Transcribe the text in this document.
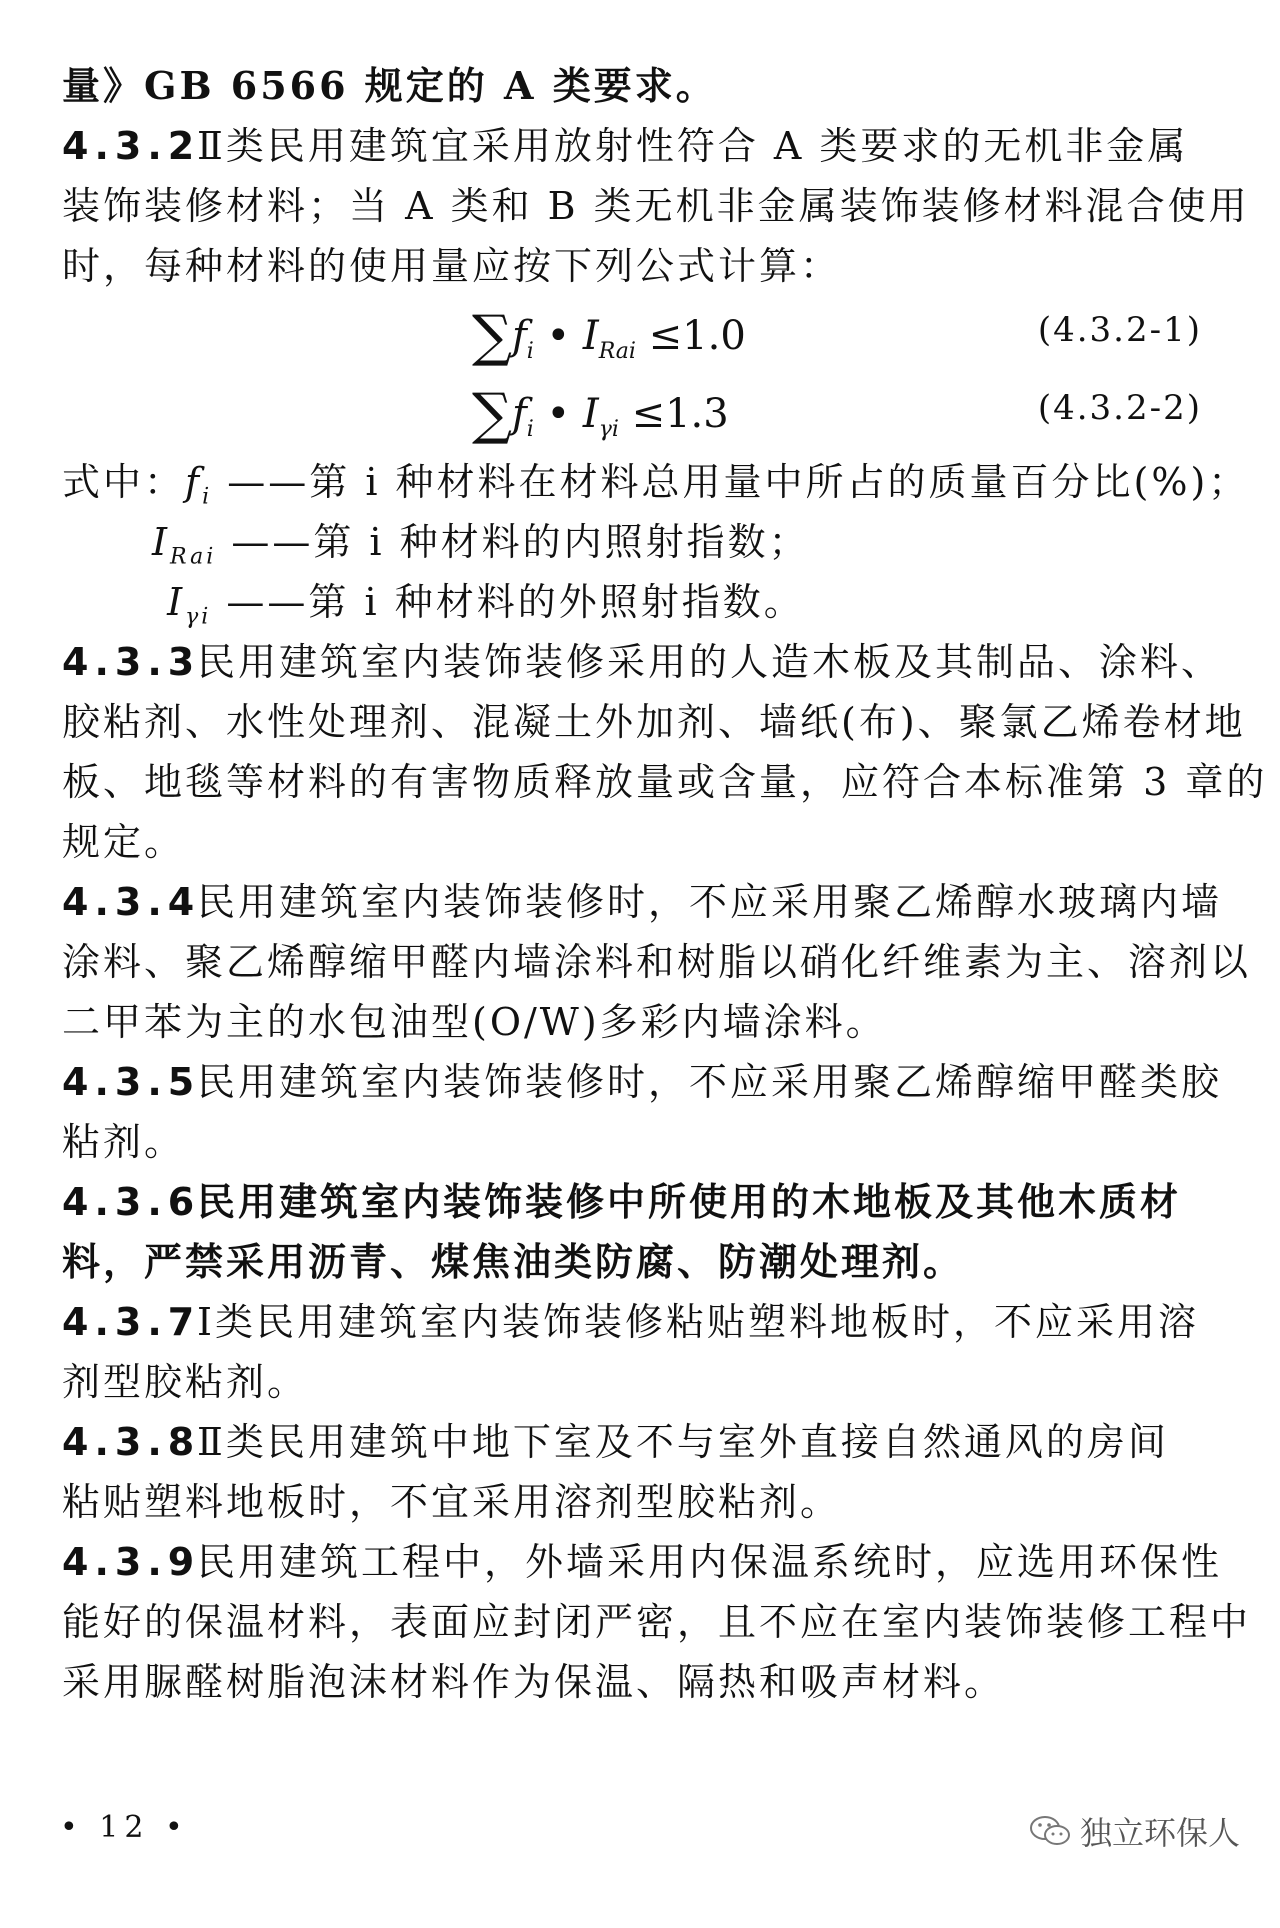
量》GB 6566 规定的 A 类要求。
4.3.2Ⅱ类民用建筑宜采用放射性符合 A 类要求的无机非金属
装饰装修材料；当 A 类和 B 类无机非金属装饰装修材料混合使用
时，每种材料的使用量应按下列公式计算：
$\sum f_i$ • $I_{Rai} \le 1.0$	(4.3.2-1)
$\sum f_i$ • $I_{\gamma i} \le 1.3$	(4.3.2-2)
式中：$f_i$ ——第 i 种材料在材料总用量中所占的质量百分比(%)；
$I_{Rai}$ ——第 i 种材料的内照射指数；
$I_{\gamma i}$ ——第 i 种材料的外照射指数。
4.3.3民用建筑室内装饰装修采用的人造木板及其制品、涂料、
胶粘剂、水性处理剂、混凝土外加剂、墙纸(布)、聚氯乙烯卷材地
板、地毯等材料的有害物质释放量或含量，应符合本标准第 3 章的
规定。
4.3.4民用建筑室内装饰装修时，不应采用聚乙烯醇水玻璃内墙
涂料、聚乙烯醇缩甲醛内墙涂料和树脂以硝化纤维素为主、溶剂以
二甲苯为主的水包油型(O/W)多彩内墙涂料。
4.3.5民用建筑室内装饰装修时，不应采用聚乙烯醇缩甲醛类胶
粘剂。
4.3.6民用建筑室内装饰装修中所使用的木地板及其他木质材
料，严禁采用沥青、煤焦油类防腐、防潮处理剂。
4.3.7Ⅰ类民用建筑室内装饰装修粘贴塑料地板时，不应采用溶
剂型胶粘剂。
4.3.8Ⅱ类民用建筑中地下室及不与室外直接自然通风的房间
粘贴塑料地板时，不宜采用溶剂型胶粘剂。
4.3.9民用建筑工程中，外墙采用内保温系统时，应选用环保性
能好的保温材料，表面应封闭严密，且不应在室内装饰装修工程中
采用脲醛树脂泡沫材料作为保温、隔热和吸声材料。
• 12 •	独立环保人
